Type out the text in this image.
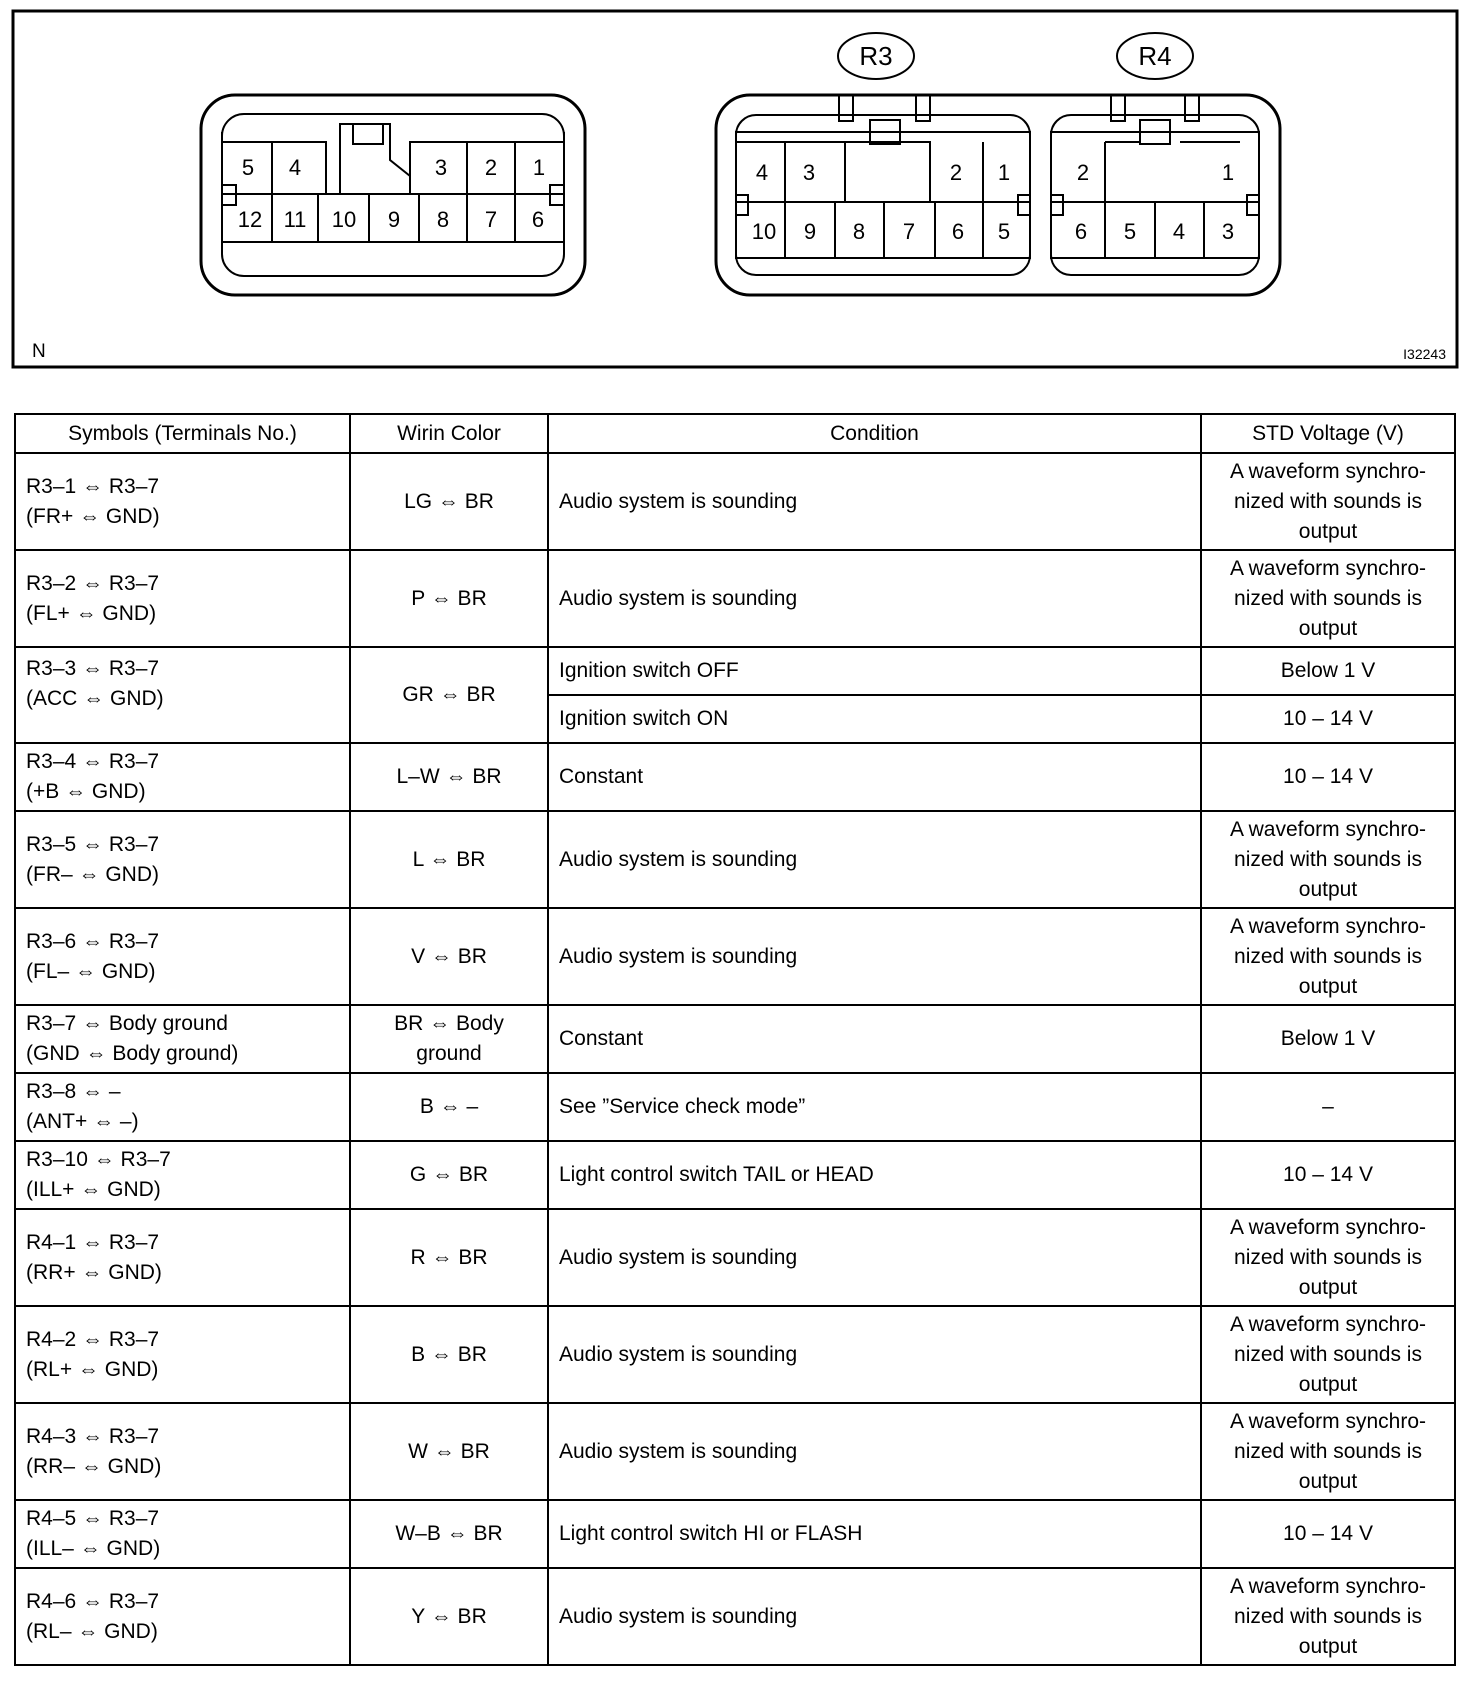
5 4	3 2 1
12 11 10 9 8 7 6
R3	R4
4 3	2 1
10 9 8 7 6 5
2	1
6 5 4 3
N	I32243
Symbols (Terminals No.)	Wirin Color	Condition	STD Voltage (V)

R3–1 ⇔ R3–7
(FR+ ⇔ GND)	LG ⇔ BR	Audio system is sounding	A waveform synchro-nized with sounds is output

R3–2 ⇔ R3–7
(FL+ ⇔ GND)	P ⇔ BR	Audio system is sounding	A waveform synchro-nized with sounds is output

R3–3 ⇔ R3–7
(ACC ⇔ GND)	GR ⇔ BR	Ignition switch OFF	Below 1 V
		Ignition switch ON	10 – 14 V

R3–4 ⇔ R3–7
(+B ⇔ GND)	L–W ⇔ BR	Constant	10 – 14 V

R3–5 ⇔ R3–7
(FR– ⇔ GND)	L ⇔ BR	Audio system is sounding	A waveform synchro-nized with sounds is output

R3–6 ⇔ R3–7
(FL– ⇔ GND)	V ⇔ BR	Audio system is sounding	A waveform synchro-nized with sounds is output

R3–7 ⇔ Body ground
(GND ⇔ Body ground)	BR ⇔ Body ground	Constant	Below 1 V

R3–8 ⇔ –
(ANT+ ⇔ –)	B ⇔ –	See ”Service check mode”	–

R3–10 ⇔ R3–7
(ILL+ ⇔ GND)	G ⇔ BR	Light control switch TAIL or HEAD	10 – 14 V

R4–1 ⇔ R3–7
(RR+ ⇔ GND)	R ⇔ BR	Audio system is sounding	A waveform synchro-nized with sounds is output

R4–2 ⇔ R3–7
(RL+ ⇔ GND)	B ⇔ BR	Audio system is sounding	A waveform synchro-nized with sounds is output

R4–3 ⇔ R3–7
(RR– ⇔ GND)	W ⇔ BR	Audio system is sounding	A waveform synchro-nized with sounds is output

R4–5 ⇔ R3–7
(ILL– ⇔ GND)	W–B ⇔ BR	Light control switch HI or FLASH	10 – 14 V

R4–6 ⇔ R3–7
(RL– ⇔ GND)	Y ⇔ BR	Audio system is sounding	A waveform synchro-nized with sounds is output
